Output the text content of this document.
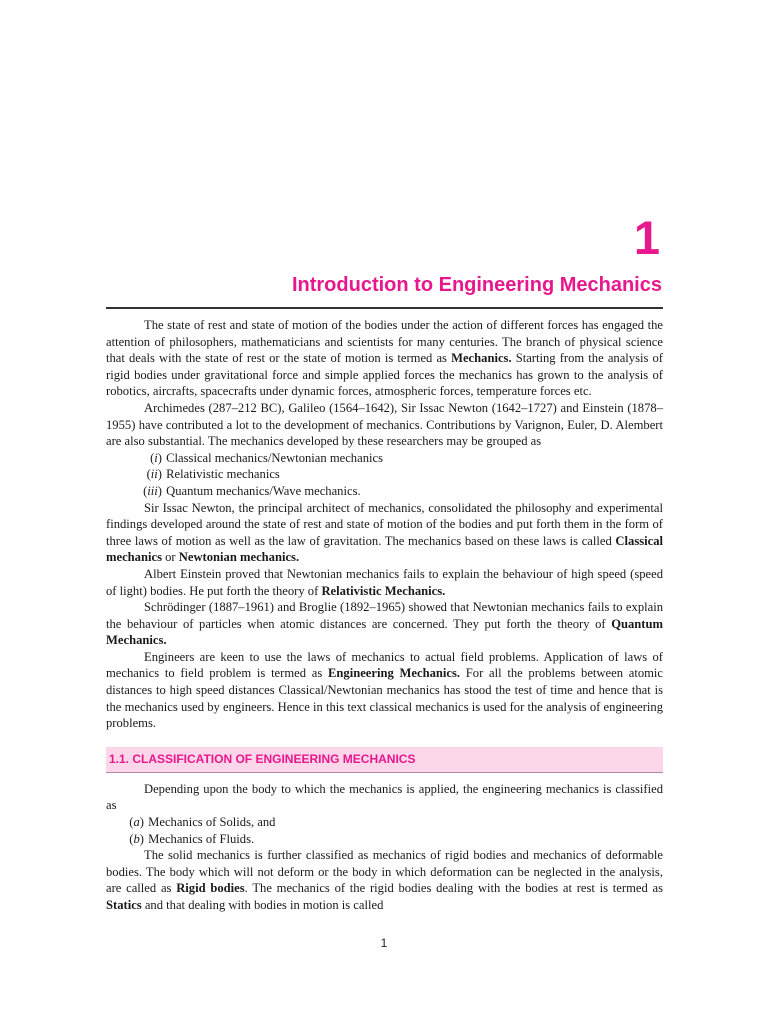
1
Introduction to Engineering Mechanics

The state of rest and state of motion of the bodies under the action of different forces has engaged the attention of philosophers, mathematicians and scientists for many centuries. The branch of physical science that deals with the state of rest or the state of motion is termed as Mechanics. Starting from the analysis of rigid bodies under gravitational force and simple applied forces the mechanics has grown to the analysis of robotics, aircrafts, spacecrafts under dynamic forces, atmospheric forces, temperature forces etc.

Archimedes (287–212 BC), Galileo (1564–1642), Sir Issac Newton (1642–1727) and Einstein (1878–1955) have contributed a lot to the development of mechanics. Contributions by Varignon, Euler, D. Alembert are also substantial. The mechanics developed by these researchers may be grouped as

(i) Classical mechanics/Newtonian mechanics
(ii) Relativistic mechanics
(iii) Quantum mechanics/Wave mechanics.

Sir Issac Newton, the principal architect of mechanics, consolidated the philosophy and experimental findings developed around the state of rest and state of motion of the bodies and put forth them in the form of three laws of motion as well as the law of gravitation. The mechanics based on these laws is called Classical mechanics or Newtonian mechanics.

Albert Einstein proved that Newtonian mechanics fails to explain the behaviour of high speed (speed of light) bodies. He put forth the theory of Relativistic Mechanics.

Schrödinger (1887–1961) and Broglie (1892–1965) showed that Newtonian mechanics fails to explain the behaviour of particles when atomic distances are concerned. They put forth the theory of Quantum Mechanics.

Engineers are keen to use the laws of mechanics to actual field problems. Application of laws of mechanics to field problem is termed as Engineering Mechanics. For all the problems between atomic distances to high speed distances Classical/Newtonian mechanics has stood the test of time and hence that is the mechanics used by engineers. Hence in this text classical mechanics is used for the analysis of engineering problems.

1.1. CLASSIFICATION OF ENGINEERING MECHANICS

Depending upon the body to which the mechanics is applied, the engineering mechanics is classified as

(a) Mechanics of Solids, and
(b) Mechanics of Fluids.

The solid mechanics is further classified as mechanics of rigid bodies and mechanics of deformable bodies. The body which will not deform or the body in which deformation can be neglected in the analysis, are called as Rigid bodies. The mechanics of the rigid bodies dealing with the bodies at rest is termed as Statics and that dealing with bodies in motion is called

1
